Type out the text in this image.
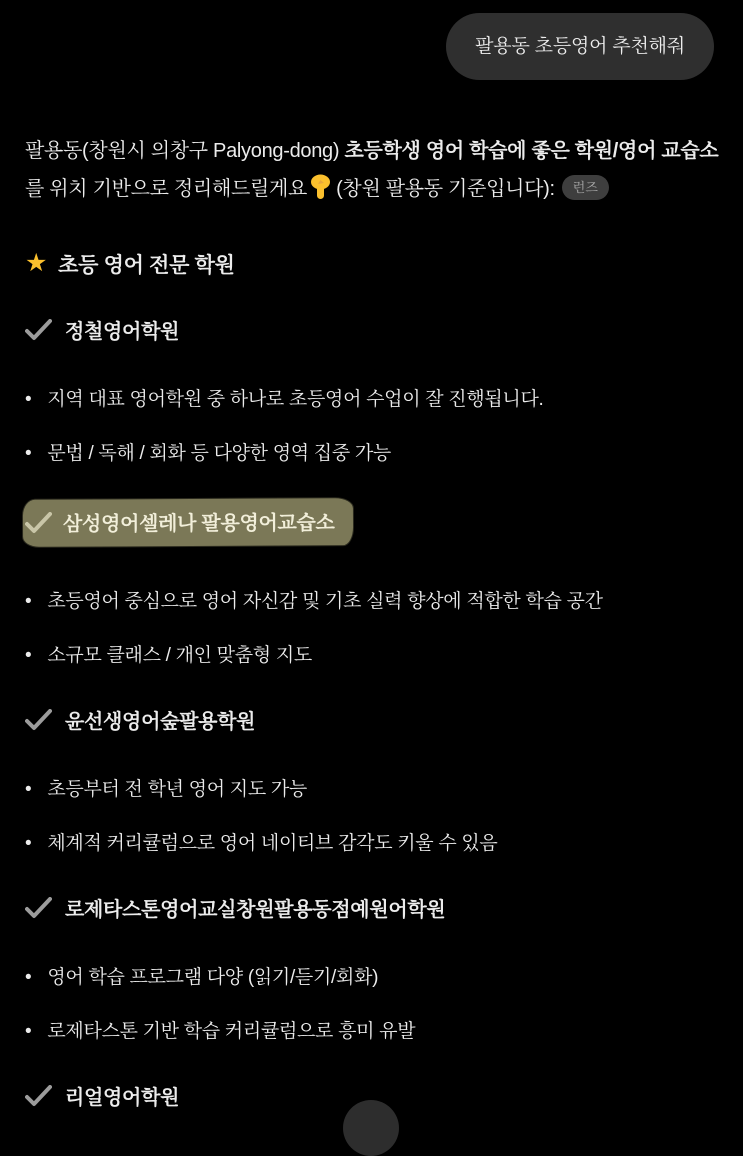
팔용동 초등영어 추천해줘

팔용동(창원시 의창구 Palyong-dong) 초등학생 영어 학습에 좋은 학원/영어 교습소를 위치 기반으로 정리해드릴게요 (창원 팔용동 기준입니다): 런즈

★ 초등 영어 전문 학원
정철영어학원
• 지역 대표 영어학원 중 하나로 초등영어 수업이 잘 진행됩니다.
• 문법 / 독해 / 회화 등 다양한 영역 집중 가능
삼성영어셀레나 팔용영어교습소
• 초등영어 중심으로 영어 자신감 및 기초 실력 향상에 적합한 학습 공간
• 소규모 클래스 / 개인 맞춤형 지도
윤선생영어숲팔용학원
• 초등부터 전 학년 영어 지도 가능
• 체계적 커리큘럼으로 영어 네이티브 감각도 키울 수 있음
로제타스톤영어교실창원팔용동점예원어학원
• 영어 학습 프로그램 다양 (읽기/듣기/회화)
• 로제타스톤 기반 학습 커리큘럼으로 흥미 유발
리얼영어학원
